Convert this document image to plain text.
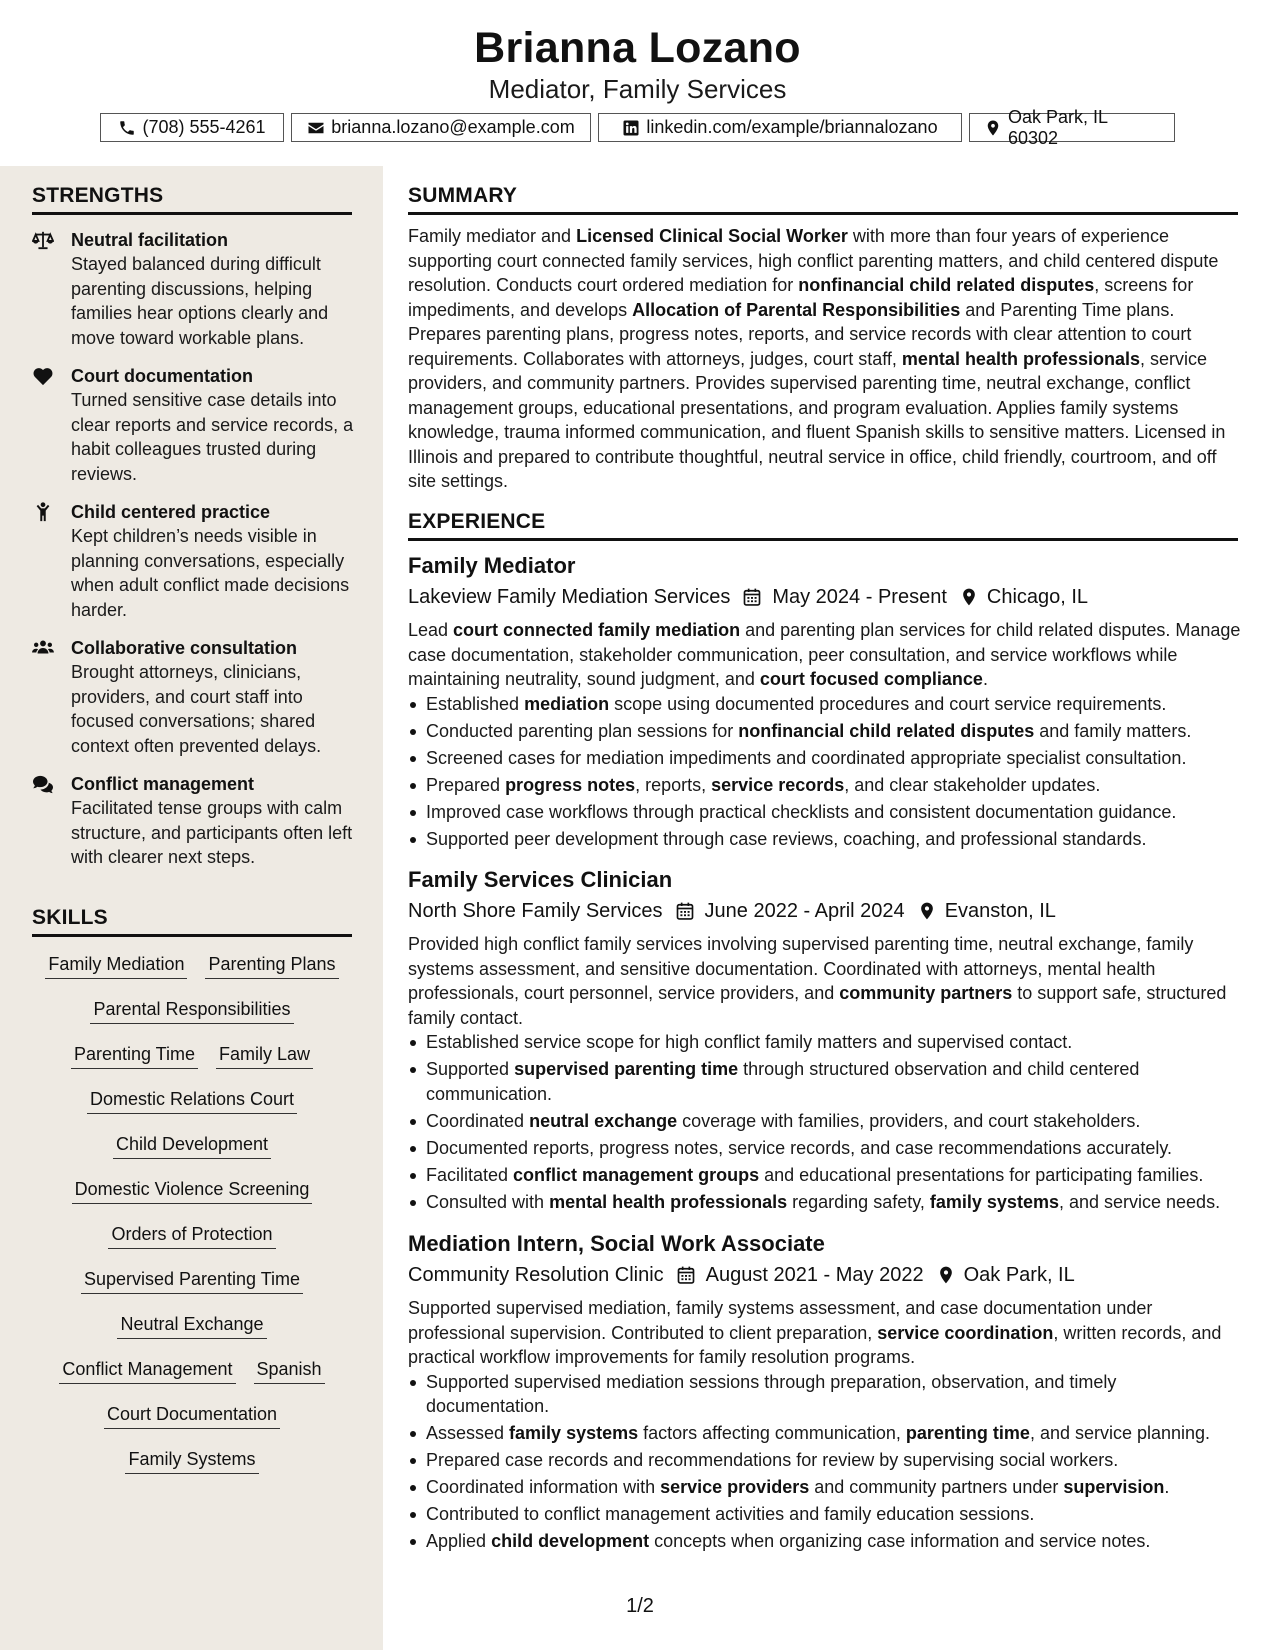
Brianna Lozano
Mediator, Family Services
(708) 555-4261	brianna.lozano@example.com	linkedin.com/example/briannalozano
Oak Park, IL 60302
STRENGTHS
Neutral facilitation
Stayed balanced during difficult parenting discussions, helping families hear options clearly and move toward workable plans.
Court documentation
Turned sensitive case details into clear reports and service records, a habit colleagues trusted during reviews.
Child centered practice
Kept children’s needs visible in planning conversations, especially when adult conflict made decisions harder.
Collaborative consultation
Brought attorneys, clinicians, providers, and court staff into focused conversations; shared context often prevented delays.
Conflict management
Facilitated tense groups with calm structure, and participants often left with clearer next steps.
SKILLS
Family Mediation Parenting Plans
Parental Responsibilities
Parenting Time Family Law
Domestic Relations Court
Child Development
Domestic Violence Screening
Orders of Protection
Supervised Parenting Time
Neutral Exchange
Conflict Management Spanish
Court Documentation
Family Systems
SUMMARY
Family mediator and Licensed Clinical Social Worker with more than four years of experience supporting court connected family services, high conflict parenting matters, and child centered dispute resolution. Conducts court ordered mediation for nonfinancial child related disputes, screens for impediments, and develops Allocation of Parental Responsibilities and Parenting Time plans. Prepares parenting plans, progress notes, reports, and service records with clear attention to court requirements. Collaborates with attorneys, judges, court staff, mental health professionals, service providers, and community partners. Provides supervised parenting time, neutral exchange, conflict management groups, educational presentations, and program evaluation. Applies family systems knowledge, trauma informed communication, and fluent Spanish skills to sensitive matters. Licensed in Illinois and prepared to contribute thoughtful, neutral service in office, child friendly, courtroom, and off site settings.
EXPERIENCE
Family Mediator
Lakeview Family Mediation Services May 2024 - Present Chicago, IL
Lead court connected family mediation and parenting plan services for child related disputes. Manage case documentation, stakeholder communication, peer consultation, and service workflows while maintaining neutrality, sound judgment, and court focused compliance.
Established mediation scope using documented procedures and court service requirements.
Conducted parenting plan sessions for nonfinancial child related disputes and family matters.
Screened cases for mediation impediments and coordinated appropriate specialist consultation.
Prepared progress notes, reports, service records, and clear stakeholder updates.
Improved case workflows through practical checklists and consistent documentation guidance.
Supported peer development through case reviews, coaching, and professional standards.
Family Services Clinician
North Shore Family Services June 2022 - April 2024 Evanston, IL
Provided high conflict family services involving supervised parenting time, neutral exchange, family systems assessment, and sensitive documentation. Coordinated with attorneys, mental health professionals, court personnel, service providers, and community partners to support safe, structured family contact.
Established service scope for high conflict family matters and supervised contact.
Supported supervised parenting time through structured observation and child centered communication.
Coordinated neutral exchange coverage with families, providers, and court stakeholders.
Documented reports, progress notes, service records, and case recommendations accurately.
Facilitated conflict management groups and educational presentations for participating families.
Consulted with mental health professionals regarding safety, family systems, and service needs.
Mediation Intern, Social Work Associate
Community Resolution Clinic August 2021 - May 2022 Oak Park, IL
Supported supervised mediation, family systems assessment, and case documentation under professional supervision. Contributed to client preparation, service coordination, written records, and practical workflow improvements for family resolution programs.
Supported supervised mediation sessions through preparation, observation, and timely documentation.
Assessed family systems factors affecting communication, parenting time, and service planning.
Prepared case records and recommendations for review by supervising social workers.
Coordinated information with service providers and community partners under supervision.
Contributed to conflict management activities and family education sessions.
Applied child development concepts when organizing case information and service notes.
1/2
